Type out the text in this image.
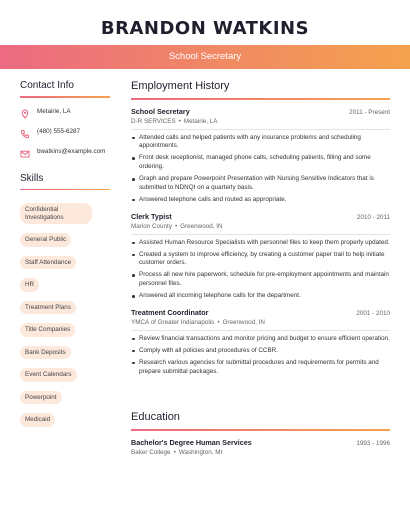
BRANDON WATKINS
School Secretary
Contact Info
Metairie, LA
(480) 555-6287
bwatkins@example.com
Skills
Confidential Investigations
General Public
Staff Attendance
HR
Treatment Plans
Title Companies
Bank Deposits
Event Calendars
Powerpoint
Medicaid
Employment History
School Secretary	2011 - Present
D-R SERVICES • Metairie, LA
Attended calls and helped patients with any insurance problems and scheduling appointments.
Front desk receptionist, managed phone calls, scheduling patients, filling and some ordering.
Graph and prepare Powerpoint Presentation with Nursing Sensitive Indicators that is submitted to NDNQI on a quarterly basis.
Answered telephone calls and routed as appropriate.
Clerk Typist	2010 - 2011
Marion County • Greenwood, IN
Assisted Human Resource Specialists with personnel files to keep them properly updated.
Created a system to improve efficiency, by creating a customer paper trail to help initiate customer orders.
Process all new hire paperwork, schedule for pre-employment appointments and maintain personnel files.
Answered all incoming telephone calls for the department.
Treatment Coordinator	2001 - 2010
YMCA of Greater Indianapolis • Greenwood, IN
Review financial transactions and monitor pricing and budget to ensure efficient operation.
Comply with all policies and procedures of CCBR.
Research various agencies for submittal procedures and requirements for permits and prepare submittal packages.
Education
Bachelor's Degree Human Services	1993 - 1996
Baker College • Washington, MI
